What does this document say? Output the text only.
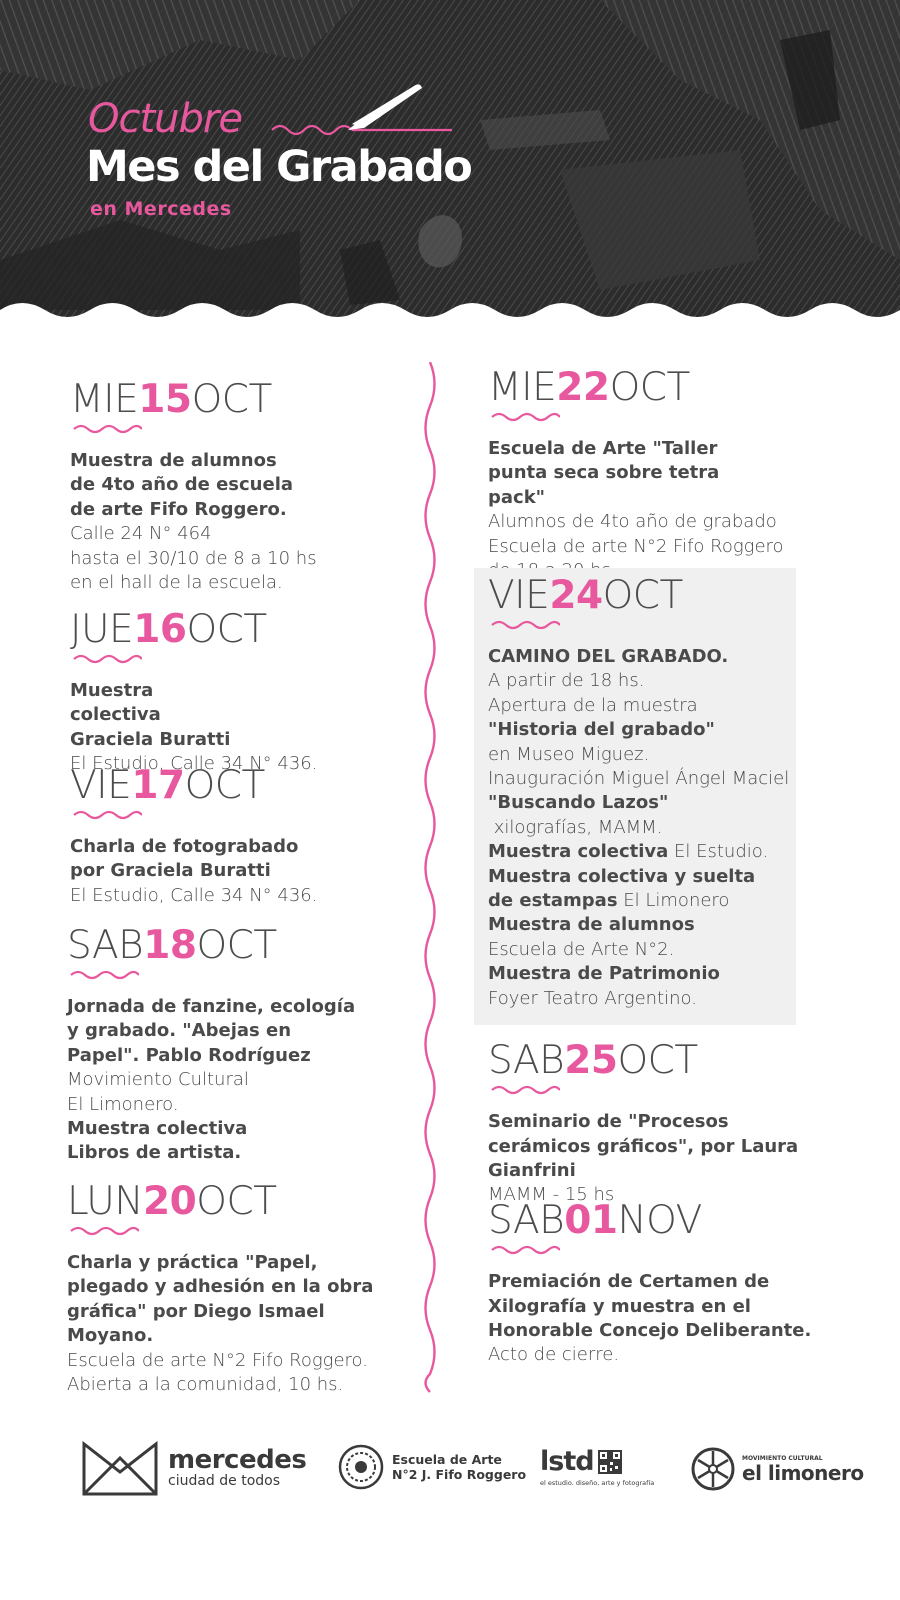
Octubre
Mes del Grabado
en Mercedes
MIE15OCT
Muestra de alumnos de 4to año de escuela de arte Fifo Roggero.
Calle 24 N° 464
hasta el 30/10 de 8 a 10 hs
en el hall de la escuela.
JUE16OCT
Muestra colectiva Graciela Buratti
El Estudio, Calle 34 N° 436.
VIE17OCT
Charla de fotograbado por Graciela Buratti
El Estudio, Calle 34 N° 436.
SAB18OCT
Jornada de fanzine, ecología y grabado. "Abejas en Papel". Pablo Rodríguez
Movimiento Cultural
El Limonero.
Muestra colectiva Libros de artista.
LUN20OCT
Charla y práctica "Papel, plegado y adhesión en la obra gráfica" por Diego Ismael Moyano.
Escuela de arte N°2 Fifo Roggero.
Abierta a la comunidad, 10 hs.
MIE22OCT
Escuela de Arte "Taller punta seca sobre tetra pack"
Alumnos de 4to año de grabado
Escuela de arte N°2 Fifo Roggero
VIE24OCT
CAMINO DEL GRABADO.
A partir de 18 hs.
Apertura de la muestra
"Historia del grabado"
en Museo Miguez.
Inauguración Miguel Ángel Maciel
"Buscando Lazos"
xilografías, MAMM.
Muestra colectiva El Estudio.
Muestra colectiva y suelta
de estampas El Limonero
Muestra de alumnos
Escuela de Arte N°2.
Muestra de Patrimonio
Foyer Teatro Argentino.
SAB25OCT
Seminario de "Procesos cerámicos gráficos", por Laura Gianfrini
MAMM - 15 hs
SAB01NOV
Premiación de Certamen de Xilografía y muestra en el Honorable Concejo Deliberante.
Acto de cierre.
mercedes
ciudad de todos
Escuela de Arte
N°2 J. Fifo Roggero lstd
el estudio. diseño, arte y fotografía
MOVIMIENTO CULTURAL
el limonero
